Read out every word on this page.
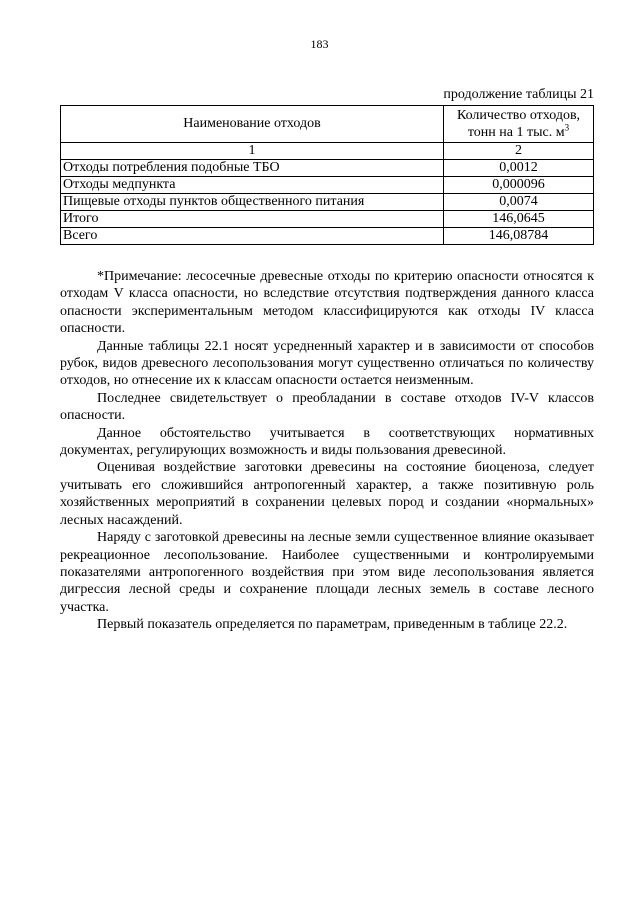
183
продолжение таблицы 21
Наименование отходов	Количество отходов,
тонн на 1 тыс. $м^3$
1	2
Отходы потребления подобные ТБО	0,0012
Отходы медпункта	0,000096
Пищевые отходы пунктов общественного питания	0,0074
Итого	146,0645
Всего	146,08784

*Примечание: лесосечные древесные отходы по критерию опасности относятся к отходам V класса опасности, но вследствие отсутствия подтверждения данного класса опасности экспериментальным методом классифицируются как отходы IV класса опасности.

Данные таблицы 22.1 носят усредненный характер и в зависимости от способов рубок, видов древесного лесопользования могут существенно отличаться по количеству отходов, но отнесение их к классам опасности остается неизменным.

Последнее свидетельствует о преобладании в составе отходов IV-V классов опасности.

Данное обстоятельство учитывается в соответствующих нормативных документах, регулирующих возможность и виды пользования древесиной.

Оценивая воздействие заготовки древесины на состояние биоценоза, следует учитывать его сложившийся антропогенный характер, а также позитивную роль хозяйственных мероприятий в сохранении целевых пород и создании «нормальных» лесных насаждений.

Наряду с заготовкой древесины на лесные земли существенное влияние оказывает рекреационное лесопользование. Наиболее существенными и контролируемыми показателями антропогенного воздействия при этом виде лесопользования является дигрессия лесной среды и сохранение площади лесных земель в составе лесного участка.

Первый показатель определяется по параметрам, приведенным в таблице 22.2.
